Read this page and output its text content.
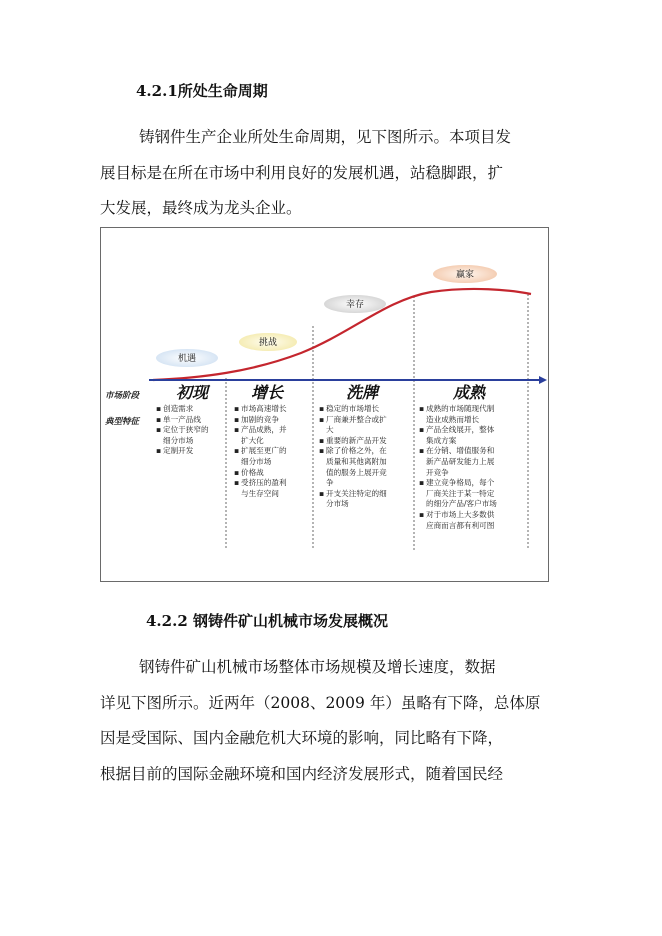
4.2.1所处生命周期
铸钢件生产企业所处生命周期，见下图所示。本项目发
展目标是在所在市场中利用良好的发展机遇，站稳脚跟，扩
大发展，最终成为龙头企业。
机遇
挑战
幸存
赢家
初现	增长	洗牌	成熟
市场阶段
典型特征
▪ 创造需求
▪ 单一产品线
▪ 定位于狭窄的
细分市场
▪ 定制开发
▪ 市场高速增长
▪ 加剧的竞争
▪ 产品成熟，并
扩大化
▪ 扩展至更广的
细分市场
▪ 价格战
▪ 受挤压的盈利
与生存空间
▪ 稳定的市场增长
▪ 厂商兼并整合或扩
大
▪ 重要的新产品开发
▪ 除了价格之外，在
质量和其他离附加
值的服务上展开竞
争
▪ 开支关注特定的细
分市场
▪ 成熟的市场随现代制
造业成熟而增长
▪ 产品全线展开，整体
集成方案
▪ 在分销、增值服务和
新产品研发能力上展
开竞争
▪ 建立竞争格局，每个
厂商关注于某一特定
的细分产品/客户市场
▪ 对于市场上大多数供
应商而言都有利可图
4.2.2 钢铸件矿山机械市场发展概况
钢铸件矿山机械市场整体市场规模及增长速度，数据
详见下图所示。近两年（2008、2009 年）虽略有下降，总体原
因是受国际、国内金融危机大环境的影响，同比略有下降，
根据目前的国际金融环境和国内经济发展形式，随着国民经
